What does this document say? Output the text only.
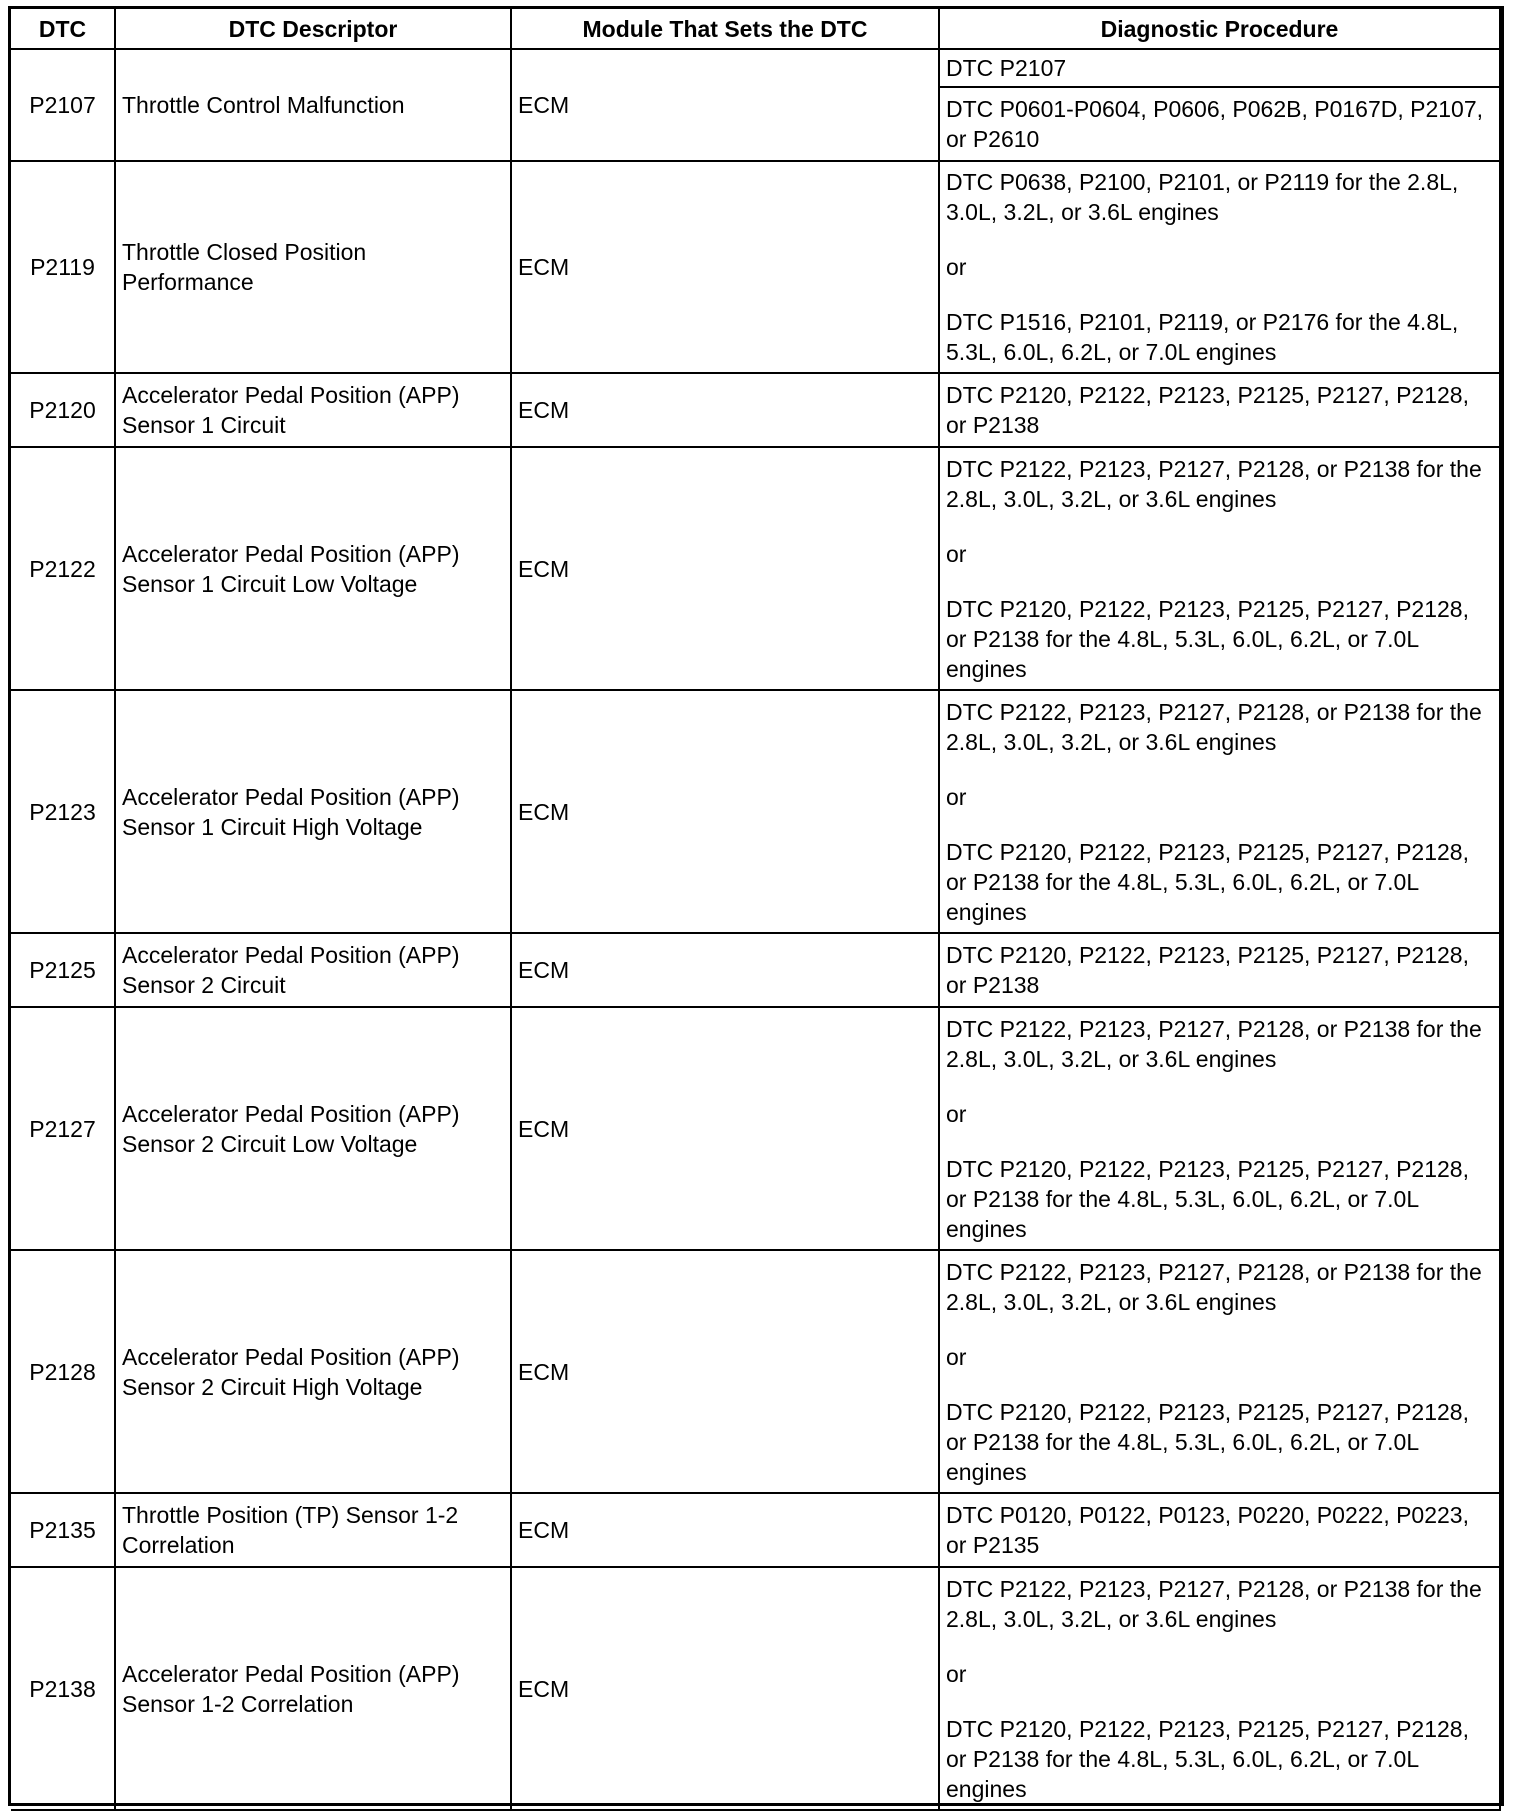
DTC	DTC Descriptor	Module That Sets the DTC	Diagnostic Procedure
P2107	Throttle Control Malfunction	ECM	DTC P2107
			DTC P0601-P0604, P0606, P062B, P0167D, P2107, or P2610
P2119	Throttle Closed Position Performance	ECM	DTC P0638, P2100, P2101, or P2119 for the 2.8L, 3.0L, 3.2L, or 3.6L engines
or
DTC P1516, P2101, P2119, or P2176 for the 4.8L, 5.3L, 6.0L, 6.2L, or 7.0L engines

P2120	Accelerator Pedal Position (APP) Sensor 1 Circuit	ECM	DTC P2120, P2122, P2123, P2125, P2127, P2128, or P2138
P2122	Accelerator Pedal Position (APP) Sensor 1 Circuit Low Voltage	ECM	DTC P2122, P2123, P2127, P2128, or P2138 for the 2.8L, 3.0L, 3.2L, or 3.6L engines
or
DTC P2120, P2122, P2123, P2125, P2127, P2128, or P2138 for the 4.8L, 5.3L, 6.0L, 6.2L, or 7.0L engines

P2123	Accelerator Pedal Position (APP) Sensor 1 Circuit High Voltage	ECM	DTC P2122, P2123, P2127, P2128, or P2138 for the 2.8L, 3.0L, 3.2L, or 3.6L engines
or
DTC P2120, P2122, P2123, P2125, P2127, P2128, or P2138 for the 4.8L, 5.3L, 6.0L, 6.2L, or 7.0L engines

P2125	Accelerator Pedal Position (APP) Sensor 2 Circuit	ECM	DTC P2120, P2122, P2123, P2125, P2127, P2128, or P2138
P2127	Accelerator Pedal Position (APP) Sensor 2 Circuit Low Voltage	ECM	DTC P2122, P2123, P2127, P2128, or P2138 for the 2.8L, 3.0L, 3.2L, or 3.6L engines
or
DTC P2120, P2122, P2123, P2125, P2127, P2128, or P2138 for the 4.8L, 5.3L, 6.0L, 6.2L, or 7.0L engines

P2128	Accelerator Pedal Position (APP) Sensor 2 Circuit High Voltage	ECM	DTC P2122, P2123, P2127, P2128, or P2138 for the 2.8L, 3.0L, 3.2L, or 3.6L engines
or
DTC P2120, P2122, P2123, P2125, P2127, P2128, or P2138 for the 4.8L, 5.3L, 6.0L, 6.2L, or 7.0L engines

P2135	Throttle Position (TP) Sensor 1-2 Correlation	ECM	DTC P0120, P0122, P0123, P0220, P0222, P0223, or P2135
P2138	Accelerator Pedal Position (APP) Sensor 1-2 Correlation	ECM	DTC P2122, P2123, P2127, P2128, or P2138 for the 2.8L, 3.0L, 3.2L, or 3.6L engines
or
DTC P2120, P2122, P2123, P2125, P2127, P2128, or P2138 for the 4.8L, 5.3L, 6.0L, 6.2L, or 7.0L engines
